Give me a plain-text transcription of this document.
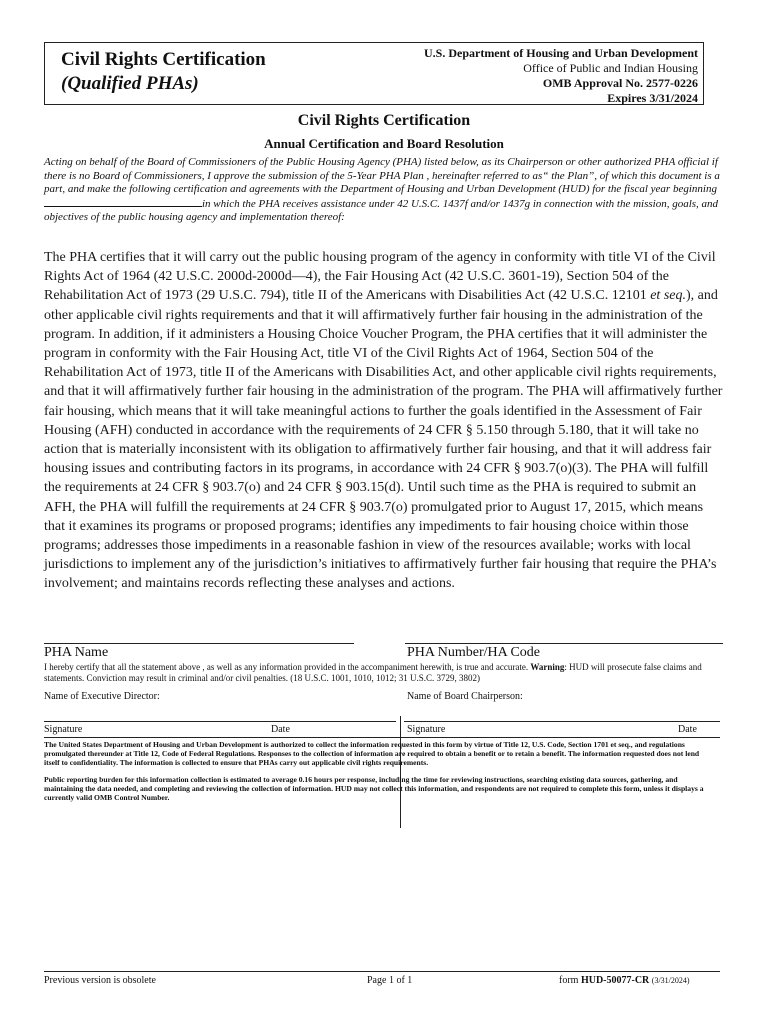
Civil Rights Certification
(Qualified PHAs)
U.S. Department of Housing and Urban Development
Office of Public and Indian Housing
OMB Approval No. 2577-0226
Expires 3/31/2024
Civil Rights Certification
Annual Certification and Board Resolution
Acting on behalf of the Board of Commissioners of the Public Housing Agency (PHA) listed below, as its Chairperson or other authorized PHA official if there is no Board of Commissioners, I approve the submission of the 5-Year PHA Plan , hereinafter referred to as“ the Plan”, of which this document is a part, and make the following certification and agreements with the Department of Housing and Urban Development (HUD) for the fiscal year beginning in which the PHA receives assistance under 42 U.S.C. 1437f and/or 1437g in connection with the mission, goals, and objectives of the public housing agency and implementation thereof:
The PHA certifies that it will carry out the public housing program of the agency in conformity with title VI of the Civil Rights Act of 1964 (42 U.S.C. 2000d-2000d—4), the Fair Housing Act (42 U.S.C. 3601-19), Section 504 of the Rehabilitation Act of 1973 (29 U.S.C. 794), title II of the Americans with Disabilities Act (42 U.S.C. 12101 et seq.), and other applicable civil rights requirements and that it will affirmatively further fair housing in the administration of the program. In addition, if it administers a Housing Choice Voucher Program, the PHA certifies that it will administer the program in conformity with the Fair Housing Act, title VI of the Civil Rights Act of 1964, Section 504 of the Rehabilitation Act of 1973, title II of the Americans with Disabilities Act, and other applicable civil rights requirements, and that it will affirmatively further fair housing in the administration of the program. The PHA will affirmatively further fair housing, which means that it will take meaningful actions to further the goals identified in the Assessment of Fair Housing (AFH) conducted in accordance with the requirements of 24 CFR § 5.150 through 5.180, that it will take no action that is materially inconsistent with its obligation to affirmatively further fair housing, and that it will address fair housing issues and contributing factors in its programs, in accordance with 24 CFR § 903.7(o)(3). The PHA will fulfill the requirements at 24 CFR § 903.7(o) and 24 CFR § 903.15(d). Until such time as the PHA is required to submit an AFH, the PHA will fulfill the requirements at 24 CFR § 903.7(o) promulgated prior to August 17, 2015, which means that it examines its programs or proposed programs; identifies any impediments to fair housing choice within those programs; addresses those impediments in a reasonable fashion in view of the resources available; works with local jurisdictions to implement any of the jurisdiction’s initiatives to affirmatively further fair housing that require the PHA’s involvement; and maintains records reflecting these analyses and actions.
PHA Name	PHA Number/HA Code
I hereby certify that all the statement above , as well as any information provided in the accompaniment herewith, is true and accurate. Warning: HUD will prosecute false claims and statements. Conviction may result in criminal and/or civil penalties. (18 U.S.C. 1001, 1010, 1012; 31 U.S.C. 3729, 3802)
Name of Executive Director:	Name of Board Chairperson:
Signature	Date	Signature	Date
The United States Department of Housing and Urban Development is authorized to collect the information requested in this form by virtue of Title 12, U.S. Code, Section 1701 et seq., and regulations promulgated thereunder at Title 12, Code of Federal Regulations. Responses to the collection of information are required to obtain a benefit or to retain a benefit. The information requested does not lend itself to confidentiality. The information is collected to ensure that PHAs carry out applicable civil rights requirements.
Public reporting burden for this information collection is estimated to average 0.16 hours per response, including the time for reviewing instructions, searching existing data sources, gathering, and maintaining the data needed, and completing and reviewing the collection of information. HUD may not collect this information, and respondents are not required to complete this form, unless it displays a currently valid OMB Control Number.
Previous version is obsolete	Page 1 of 1	form HUD-50077-CR (3/31/2024)
